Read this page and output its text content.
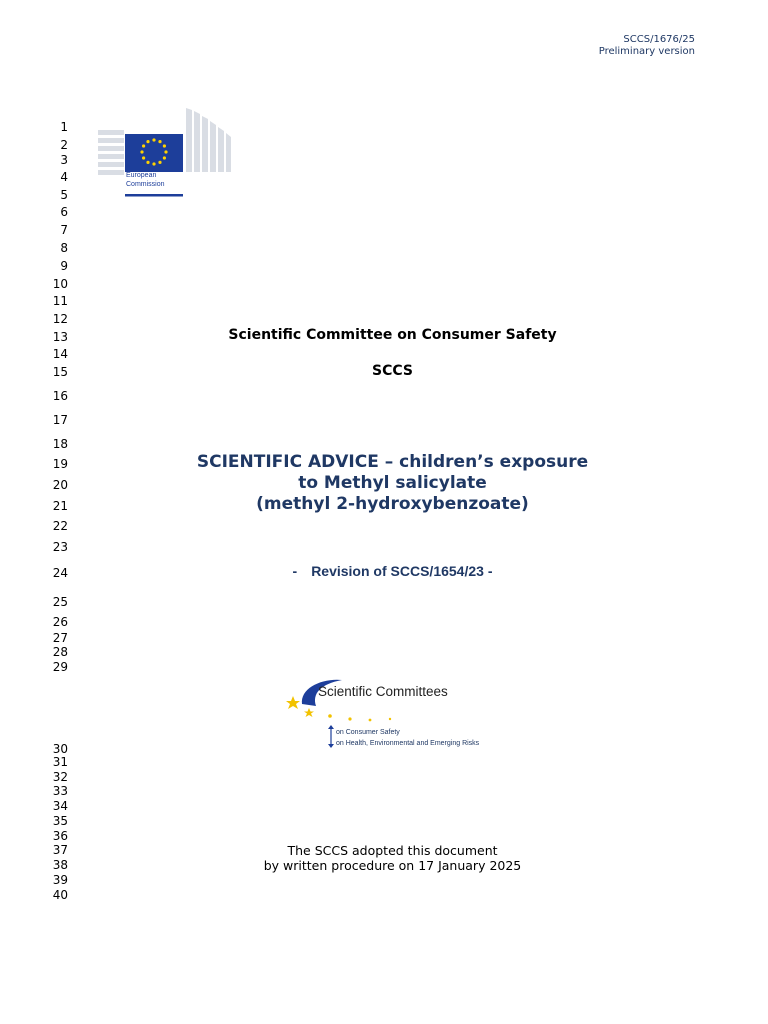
SCCS/1676/25
Preliminary version
1
2
3
4
5
6
7
8
9
10
11
12
13
14
15
16
17
18
19
20
21
22
23
24
25
26
27
28
29
30
31
32
33
34
35
36
37
38
39
40
European
Commission
Scientific Committee on Consumer Safety
SCCS
SCIENTIFIC ADVICE – children’s exposure
to Methyl salicylate
(methyl 2-hydroxybenzoate)
- Revision of SCCS/1654/23 -
Scientific Committees
on Consumer Safety
on Health, Environmental and Emerging Risks
The SCCS adopted this document
by written procedure on 17 January 2025
